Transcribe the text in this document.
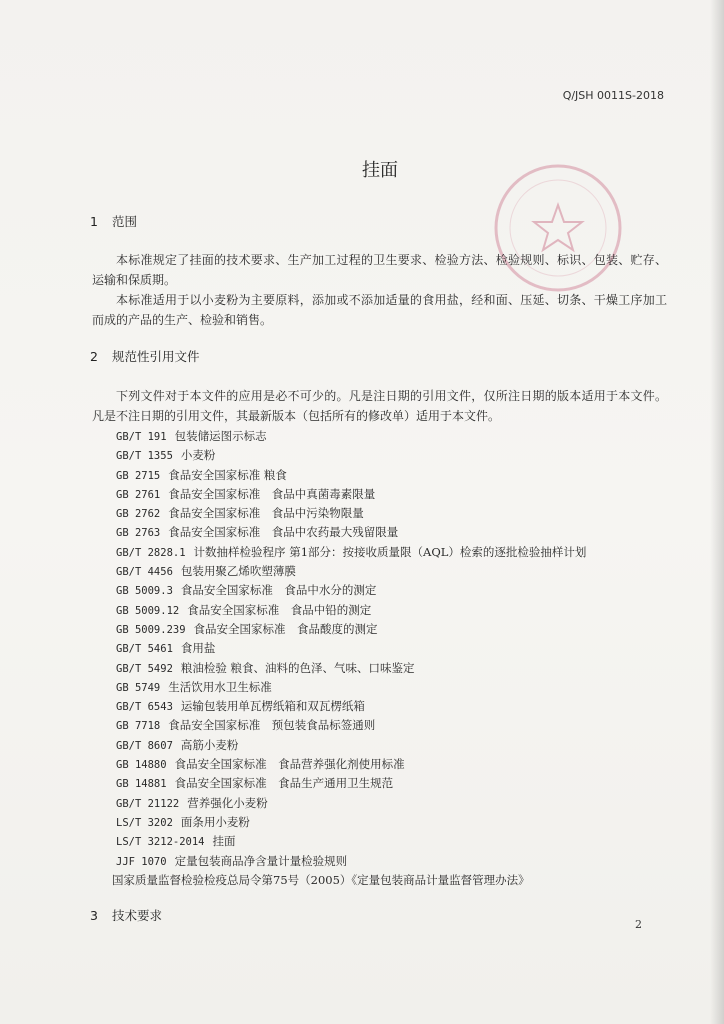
Q/JSH 0011S-2018
挂面
1 范围
本标准规定了挂面的技术要求、生产加工过程的卫生要求、检验方法、检验规则、标识、包装、贮存、运输和保质期。
本标准适用于以小麦粉为主要原料，添加或不添加适量的食用盐，经和面、压延、切条、干燥工序加工而成的产品的生产、检验和销售。
2 规范性引用文件
下列文件对于本文件的应用是必不可少的。凡是注日期的引用文件，仅所注日期的版本适用于本文件。凡是不注日期的引用文件，其最新版本（包括所有的修改单）适用于本文件。
GB/T 191 包装储运图示标志
GB/T 1355 小麦粉
GB 2715 食品安全国家标准 粮食
GB 2761 食品安全国家标准　食品中真菌毒素限量
GB 2762 食品安全国家标准　食品中污染物限量
GB 2763 食品安全国家标准　食品中农药最大残留限量
GB/T 2828.1 计数抽样检验程序 第1部分：按接收质量限（AQL）检索的逐批检验抽样计划
GB/T 4456 包装用聚乙烯吹塑薄膜
GB 5009.3 食品安全国家标准　食品中水分的测定
GB 5009.12 食品安全国家标准　食品中铅的测定
GB 5009.239 食品安全国家标准　食品酸度的测定
GB/T 5461 食用盐
GB/T 5492 粮油检验 粮食、油料的色泽、气味、口味鉴定
GB 5749 生活饮用水卫生标准
GB/T 6543 运输包装用单瓦楞纸箱和双瓦楞纸箱
GB 7718 食品安全国家标准　预包装食品标签通则
GB/T 8607 高筋小麦粉
GB 14880 食品安全国家标准　食品营养强化剂使用标准
GB 14881 食品安全国家标准　食品生产通用卫生规范
GB/T 21122 营养强化小麦粉
LS/T 3202 面条用小麦粉
LS/T 3212-2014 挂面
JJF 1070 定量包装商品净含量计量检验规则
国家质量监督检验检疫总局令第75号（2005）《定量包装商品计量监督管理办法》
3 技术要求
2
